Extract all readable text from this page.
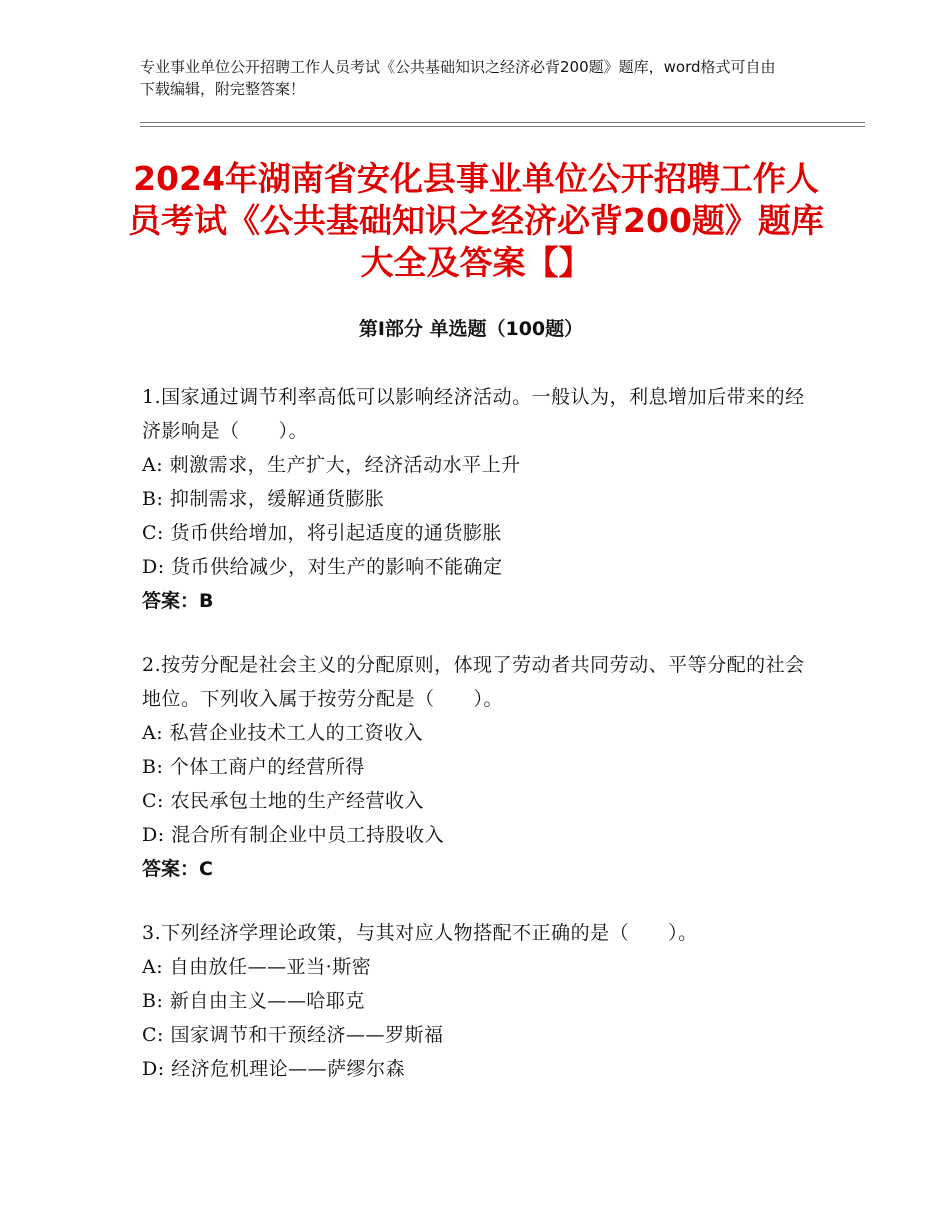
专业事业单位公开招聘工作人员考试《公共基础知识之经济必背200题》题库，word格式可自由下载编辑，附完整答案！
2024年湖南省安化县事业单位公开招聘工作人员考试《公共基础知识之经济必背200题》题库大全及答案【】
第I部分 单选题（100题）
1.国家通过调节利率高低可以影响经济活动。一般认为，利息增加后带来的经济影响是（　　）。
A: 刺激需求，生产扩大，经济活动水平上升
B: 抑制需求，缓解通货膨胀
C: 货币供给增加，将引起适度的通货膨胀
D: 货币供给减少，对生产的影响不能确定
答案：B
2.按劳分配是社会主义的分配原则，体现了劳动者共同劳动、平等分配的社会地位。下列收入属于按劳分配是（　　）。
A: 私营企业技术工人的工资收入
B: 个体工商户的经营所得
C: 农民承包土地的生产经营收入
D: 混合所有制企业中员工持股收入
答案：C
3.下列经济学理论政策，与其对应人物搭配不正确的是（　　）。
A: 自由放任——亚当·斯密
B: 新自由主义——哈耶克
C: 国家调节和干预经济——罗斯福
D: 经济危机理论——萨缪尔森
